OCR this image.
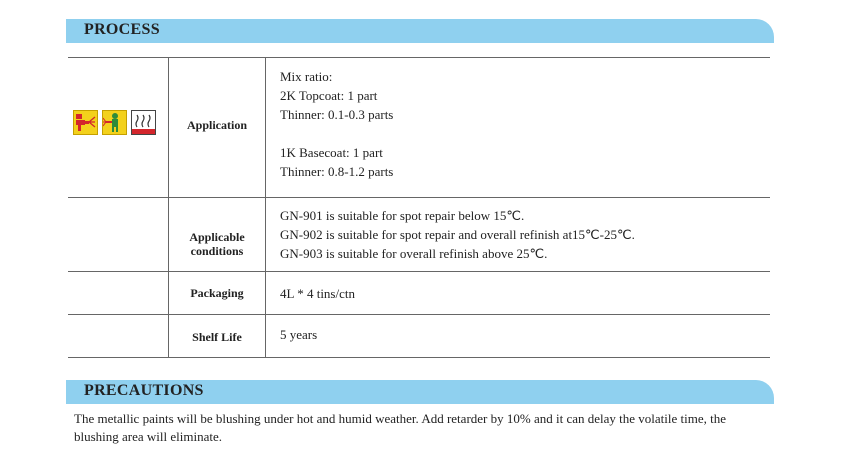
PROCESS
Application
Mix ratio:
2K Topcoat: 1 part
Thinner: 0.1-0.3 parts
1K Basecoat: 1 part
Thinner: 0.8-1.2 parts
Applicable
conditions
GN-901 is suitable for spot repair below 15℃.
GN-902 is suitable for spot repair and overall refinish at15℃-25℃.
GN-903 is suitable for overall refinish above 25℃.
Packaging	4L * 4 tins/ctn
Shelf Life	5 years
PRECAUTIONS
The metallic paints will be blushing under hot and humid weather. Add retarder by 10% and it can delay the volatile time, the blushing area will eliminate.
